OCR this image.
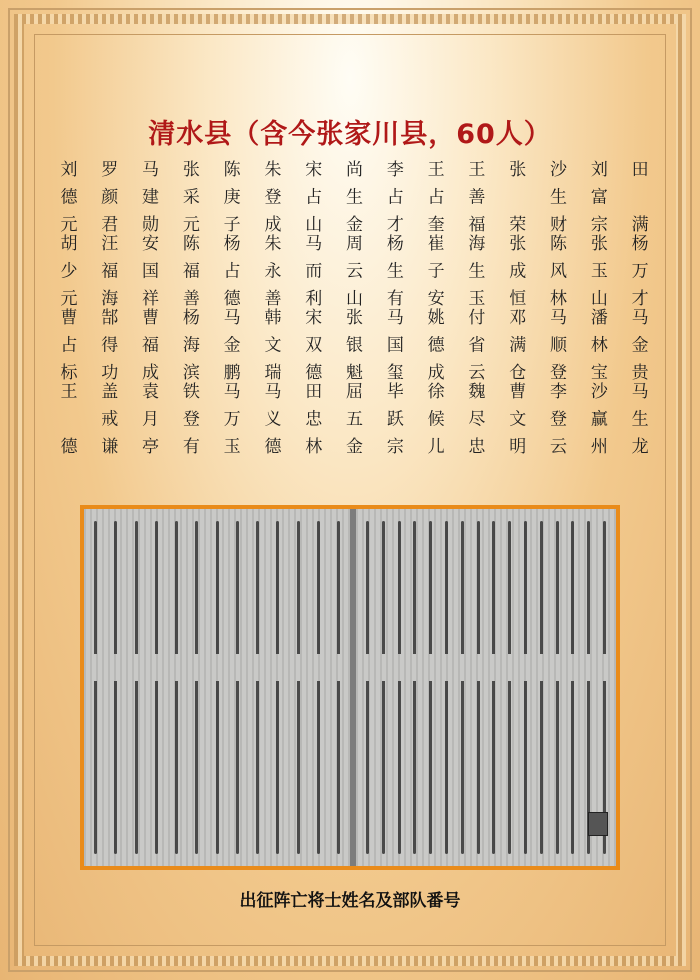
清水县（含今张家川县，60人）
田　满
杨万才
马金贵
马生龙
刘富宗
张玉山
潘林宝
沙赢州
沙生财
陈风林
马顺登
李登云
张　荣
张成恒
邓满仓
曹文明
王善福
海生玉
付省云
魏尽忠
王占奎
崔子安
姚德成
徐候儿
李占才
杨生有
马国玺
毕跃宗
尚生金
周云山
张银魁
屈五金
宋占山
马而利
宋双德
田忠林
朱登成
朱永善
韩文瑞
马义德
陈庚子
杨占德
马金鹏
马万玉
张采元
陈福善
杨海滨
铁登有
马建勋
安国祥
曹福成
袁月亭
罗颜君
汪福海
郜得功
盖戒谦
刘德元
胡少元
曹占标
王　德
出征阵亡将士姓名及部队番号
